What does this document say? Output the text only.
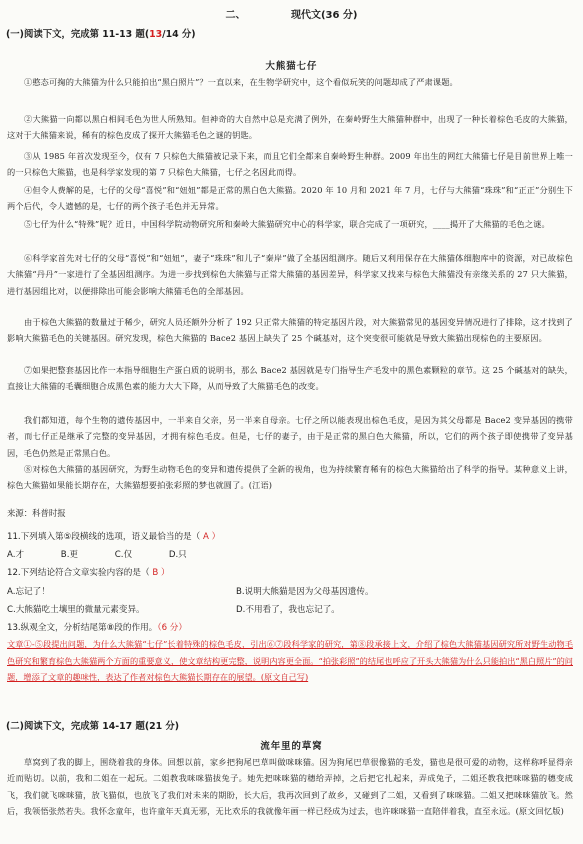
二、	现代文(36 分)
(一)阅读下文，完成第 11-13 题(13/14 分)
大熊猫七仔
①憨态可掬的大熊猫为什么只能拍出“黑白照片”？一直以来，在生物学研究中，这个看似玩笑的问题却成了严肃课题。
②大熊猫一向都以黑白相间毛色为世人所熟知。但神奇的大自然中总是充满了例外，在秦岭野生大熊猫种群中，出现了一种长着棕色毛皮的大熊猫，这对于大熊猫来说，稀有的棕色皮成了探开大熊猫毛色之谜的钥匙。
③从 1985 年首次发现至今，仅有 7 只棕色大熊猫被记录下来，而且它们全都来自秦岭野生种群。2009 年出生的网红大熊猫七仔是目前世界上唯一的一只棕色大熊猫，也是科学家发现的第 7 只棕色大熊猫，七仔之名因此而得。
④但令人费解的是，七仔的父母“喜悦”和“妞妞”都是正常的黑白色大熊猫。2020 年 10 月和 2021 年 7 月，七仔与大熊猫“珠珠”和“正正”分别生下两个后代，令人遗憾的是，七仔的两个孩子毛色并无异常。
⑤七仔为什么“特殊”呢？近日，中国科学院动物研究所和秦岭大熊猫研究中心的科学家，联合完成了一项研究，____揭开了大熊猫的毛色之谜。
⑥科学家首先对七仔的父母“喜悦”和“妞妞”，妻子“珠珠”和儿子“秦岸”做了全基因组测序。随后又利用保存在大熊猫体细胞库中的资源，对已故棕色大熊猫“丹丹”一家进行了全基因组测序。为进一步找到棕色大熊猫与正常大熊猫的基因差异，科学家又找来与棕色大熊猫没有亲缘关系的 27 只大熊猫，进行基因组比对，以便排除出可能会影响大熊猫毛色的全部基因。
由于棕色大熊猫的数量过于稀少，研究人员还额外分析了 192 只正常大熊猫的特定基因片段，对大熊猫常见的基因变异情况进行了排除，这才找到了影响大熊猫毛色的关键基因。研究发现，棕色大熊猫的 Bace2 基因上缺失了 25 个碱基对，这个突变很可能就是导致大熊猫出现棕色的主要原因。
⑦如果把整套基因比作一本指导细胞生产蛋白质的说明书，那么 Bace2 基因就是专门指导生产毛发中的黑色素颗粒的章节。这 25 个碱基对的缺失，直接让大熊猫的毛囊细胞合成黑色素的能力大大下降，从而导致了大熊猫毛色的改变。
我们都知道，每个生物的遗传基因中，一半来自父亲，另一半来自母亲。七仔之所以能表现出棕色毛皮，是因为其父母都是 Bace2 变异基因的携带者，而七仔正是继承了完整的变异基因，才拥有棕色毛皮。但是，七仔的妻子，由于是正常的黑白色大熊猫，所以，它们的两个孩子即使携带了变异基因，毛色仍然是正常黑白色。
⑧对棕色大熊猫的基因研究，为野生动物毛色的变异和遗传提供了全新的视角，也为持续繁育稀有的棕色大熊猫给出了科学的指导。某种意义上讲，棕色大熊猫如果能长期存在，大熊猫想要拍张彩照的梦也就圆了。(江语)
来源：科普时报
11.下列填入第⑤段横线的选项，语义最恰当的是（ A ）
A.才	B.更	C.仅	D.只
12.下列结论符合文章实验内容的是（ B ）
A.忘记了！	B.说明大熊猫是因为父母基因遗传。
C.大熊猫吃土壤里的微量元素变异。	D.不用看了，我也忘记了。
13.纵观全文，分析结尾第⑧段的作用。（6 分）
文章①-⑤段提出问题，为什么大熊猫“七仔”长着特殊的棕色毛皮，引出⑥⑦段科学家的研究，第⑧段承接上文，介绍了棕色大熊猫基因研究所对野生动物毛色研究和繁育棕色大熊猫两个方面的重要意义，使文章结构更完整，说明内容更全面。“拍张彩照”的结尾也呼应了开头大熊猫为什么只能拍出“黑白照片”的问题，增添了文章的趣味性，表达了作者对棕色大熊猫长期存在的展望。(原文自己写)
(二)阅读下文，完成第 14-17 题(21 分)
流年里的草窝
草窝到了我的脚上，围绕着我的身体。回想以前，家乡把狗尾巴草叫做咪咪猫。因为狗尾巴草很像猫的毛发，猫也是很可爱的动物，这样称呼显得亲近而贴切。以前，我和二姐在一起玩。二姐教我咪咪猫拔兔子。她先把咪咪猫的穗给弄掉，之后把它扎起来，弄成兔子，二姐还教我把咪咪猫的穗变成飞，我们就飞咪咪猫，放飞猫似，也放飞了我们对未来的期盼，长大后，我再次回到了故乡，又碰到了二姐，又看到了咪咪猫。二姐又把咪咪猫放飞。然后，我领悟张然若失。我怀念童年，也许童年天真无邪，无比欢乐的我就像年画一样已经成为过去，也许咪咪猫一直陪伴着我，直至永远。(原文回忆版)
